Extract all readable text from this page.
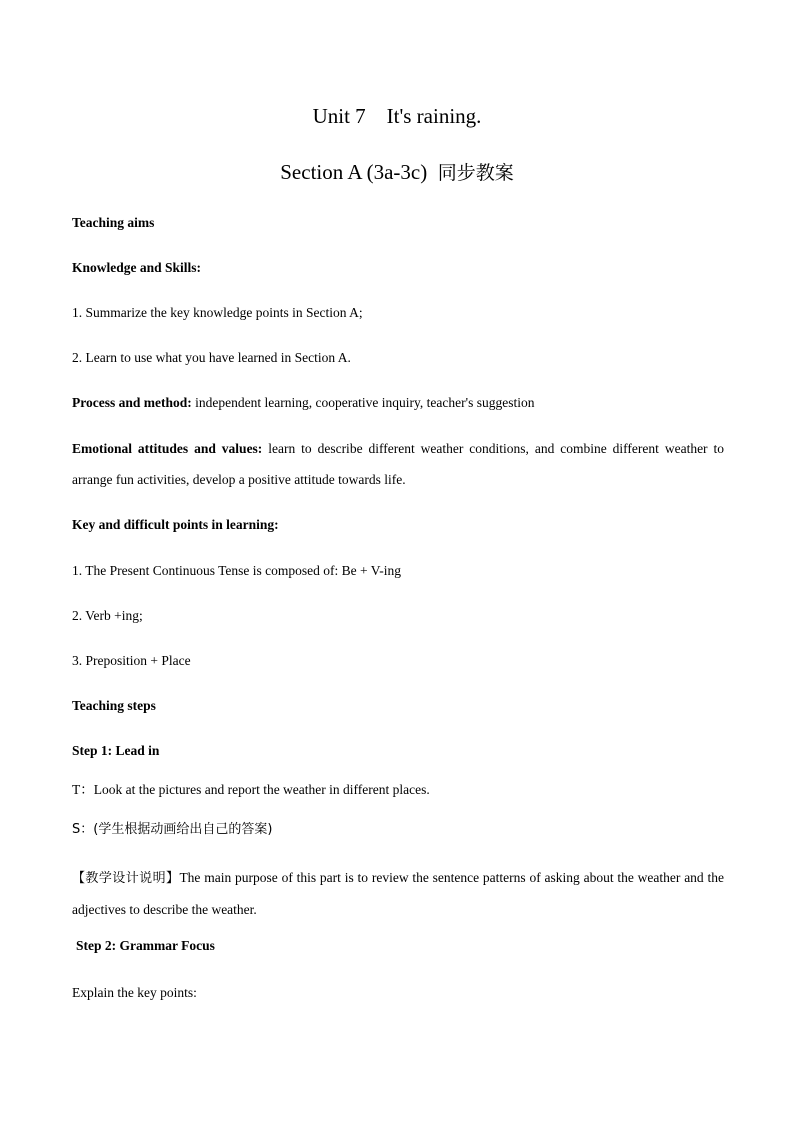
Unit 7    It's raining.
Section A (3a-3c)  同步教案
Teaching aims
Knowledge and Skills:
1. Summarize the key knowledge points in Section A;
2. Learn to use what you have learned in Section A.
Process and method: independent learning, cooperative inquiry, teacher's suggestion
Emotional attitudes and values: learn to describe different weather conditions, and combine different weather to arrange fun activities, develop a positive attitude towards life.
Key and difficult points in learning:
1. The Present Continuous Tense is composed of: Be + V-ing
2. Verb +ing;
3. Preposition + Place
Teaching steps
Step 1: Lead in
T：Look at the pictures and report the weather in different places.
S：(学生根据动画给出自己的答案)
【教学设计说明】The main purpose of this part is to review the sentence patterns of asking about the weather and the adjectives to describe the weather.
Step 2: Grammar Focus
Explain the key points:
